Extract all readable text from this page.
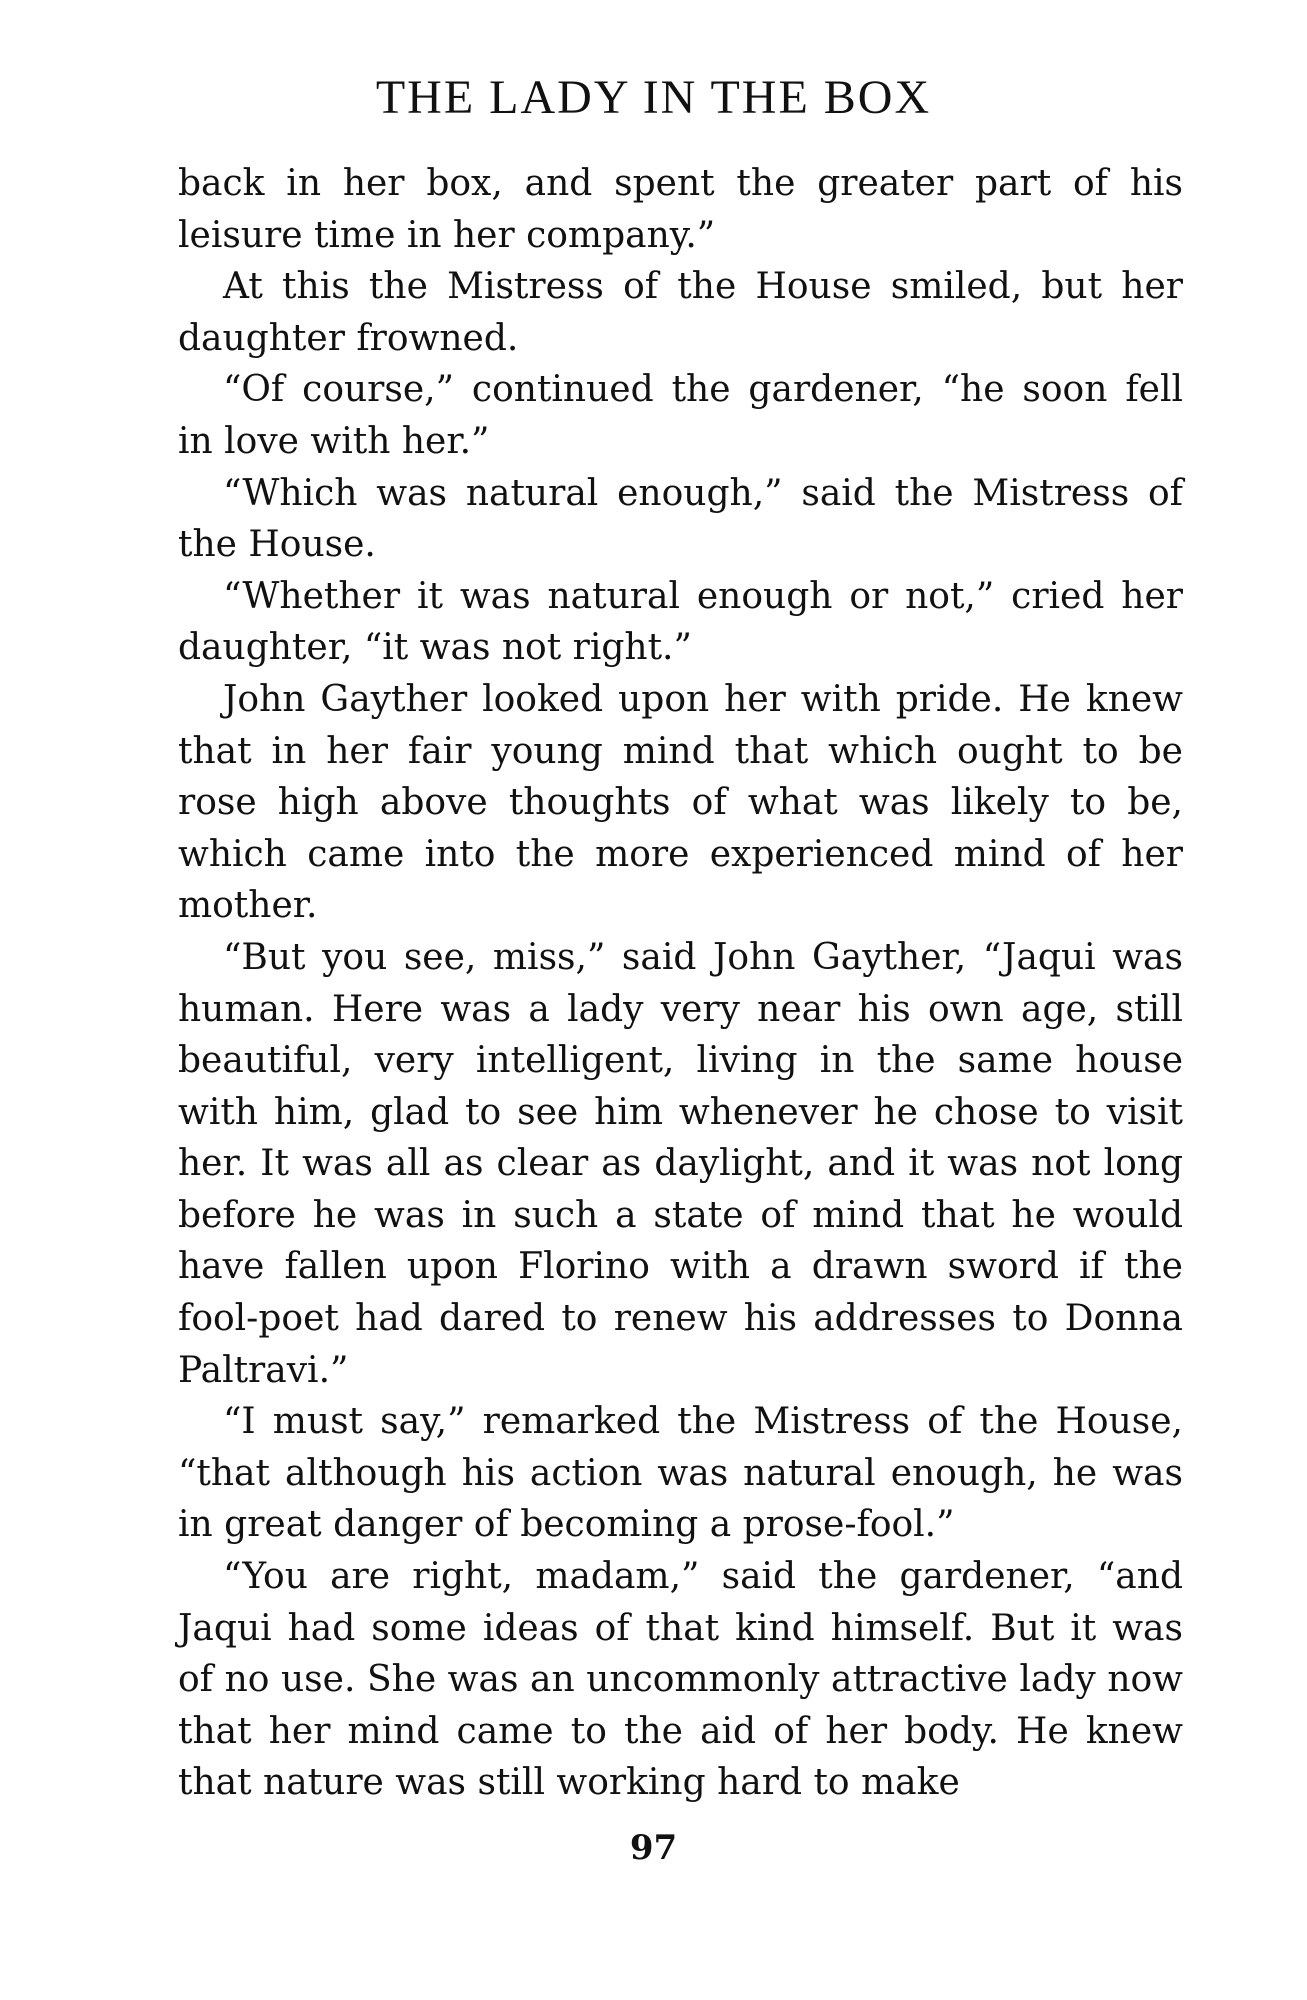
THE LADY IN THE BOX

back in her box, and spent the greater part of his leisure time in her company.”

At this the Mistress of the House smiled, but her daughter frowned.

“Of course,” continued the gardener, “he soon fell in love with her.”

“Which was natural enough,” said the Mistress of the House.

“Whether it was natural enough or not,” cried her daughter, “it was not right.”

John Gayther looked upon her with pride. He knew that in her fair young mind that which ought to be rose high above thoughts of what was likely to be, which came into the more experienced mind of her mother.

“But you see, miss,” said John Gayther, “Jaqui was human. Here was a lady very near his own age, still beautiful, very intelligent, living in the same house with him, glad to see him whenever he chose to visit her. It was all as clear as daylight, and it was not long before he was in such a state of mind that he would have fallen upon Florino with a drawn sword if the fool-poet had dared to renew his addresses to Donna Paltravi.”

“I must say,” remarked the Mistress of the House, “that although his action was natural enough, he was in great danger of becoming a prose-fool.”

“You are right, madam,” said the gardener, “and Jaqui had some ideas of that kind himself. But it was of no use. She was an uncommonly attractive lady now that her mind came to the aid of her body. He knew that nature was still working hard to make

97
